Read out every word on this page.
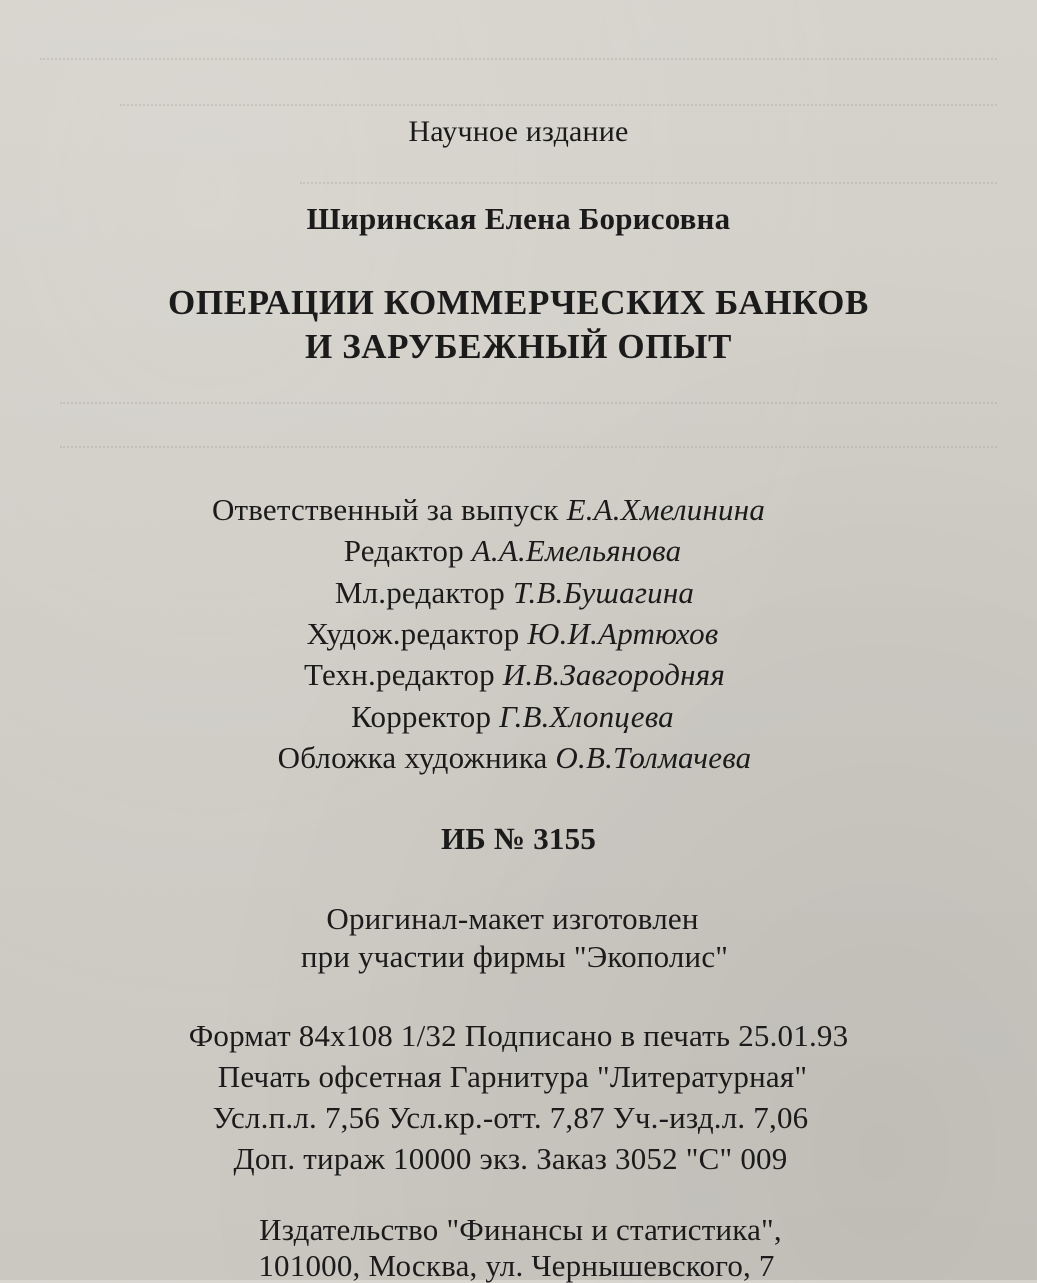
Научное издание
Ширинская Елена Борисовна
ОПЕРАЦИИ КОММЕРЧЕСКИХ БАНКОВ
И ЗАРУБЕЖНЫЙ ОПЫТ
Ответственный за выпуск Е.А.Хмелинина
Редактор А.А.Емельянова
Мл.редактор Т.В.Бушагина
Худож.редактор Ю.И.Артюхов
Техн.редактор И.В.Завгородняя
Корректор Г.В.Хлопцева
Обложка художника О.В.Толмачева
ИБ № 3155
Оригинал-макет изготовлен
при участии фирмы "Экополис"
Формат 84х108 1/32 Подписано в печать 25.01.93
Печать офсетная Гарнитура "Литературная"
Усл.п.л. 7,56 Усл.кр.-отт. 7,87 Уч.-изд.л. 7,06
Доп. тираж 10000 экз. Заказ 3052 "С" 009
Издательство "Финансы и статистика",
101000, Москва, ул. Чернышевского, 7
